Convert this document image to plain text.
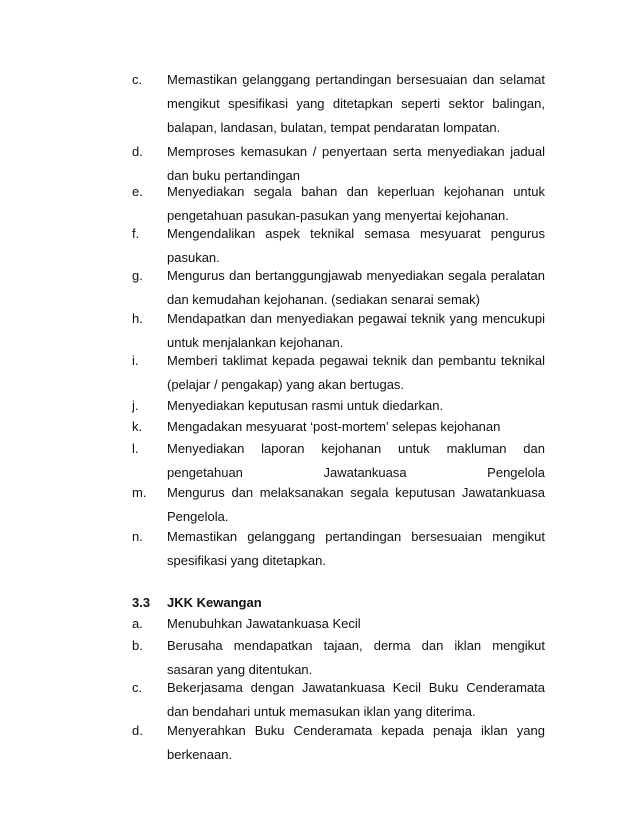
c. Memastikan gelanggang pertandingan bersesuaian dan selamat mengikut spesifikasi yang ditetapkan seperti sektor balingan, balapan, landasan, bulatan, tempat pendaratan lompatan.
d. Memproses kemasukan / penyertaan serta menyediakan jadual dan buku pertandingan
e. Menyediakan segala bahan dan keperluan kejohanan untuk pengetahuan pasukan-pasukan yang menyertai kejohanan.
f. Mengendalikan aspek teknikal semasa mesyuarat pengurus pasukan.
g. Mengurus dan bertanggungjawab menyediakan segala peralatan dan kemudahan kejohanan. (sediakan senarai semak)
h. Mendapatkan dan menyediakan pegawai teknik yang mencukupi untuk menjalankan kejohanan.
i. Memberi taklimat kepada pegawai teknik dan pembantu teknikal (pelajar / pengakap) yang akan bertugas.
j. Menyediakan keputusan rasmi untuk diedarkan.
k. Mengadakan mesyuarat ‘post-mortem’ selepas kejohanan
l. Menyediakan laporan kejohanan untuk makluman dan pengetahuan Jawatankuasa Pengelola
m. Mengurus dan melaksanakan segala keputusan Jawatankuasa Pengelola.
n. Memastikan gelanggang pertandingan bersesuaian mengikut spesifikasi yang ditetapkan.
3.3 JKK Kewangan
a. Menubuhkan Jawatankuasa Kecil
b. Berusaha mendapatkan tajaan, derma dan iklan mengikut sasaran yang ditentukan.
c. Bekerjasama dengan Jawatankuasa Kecil Buku Cenderamata dan bendahari untuk memasukan iklan yang diterima.
d. Menyerahkan Buku Cenderamata kepada penaja iklan yang berkenaan.
